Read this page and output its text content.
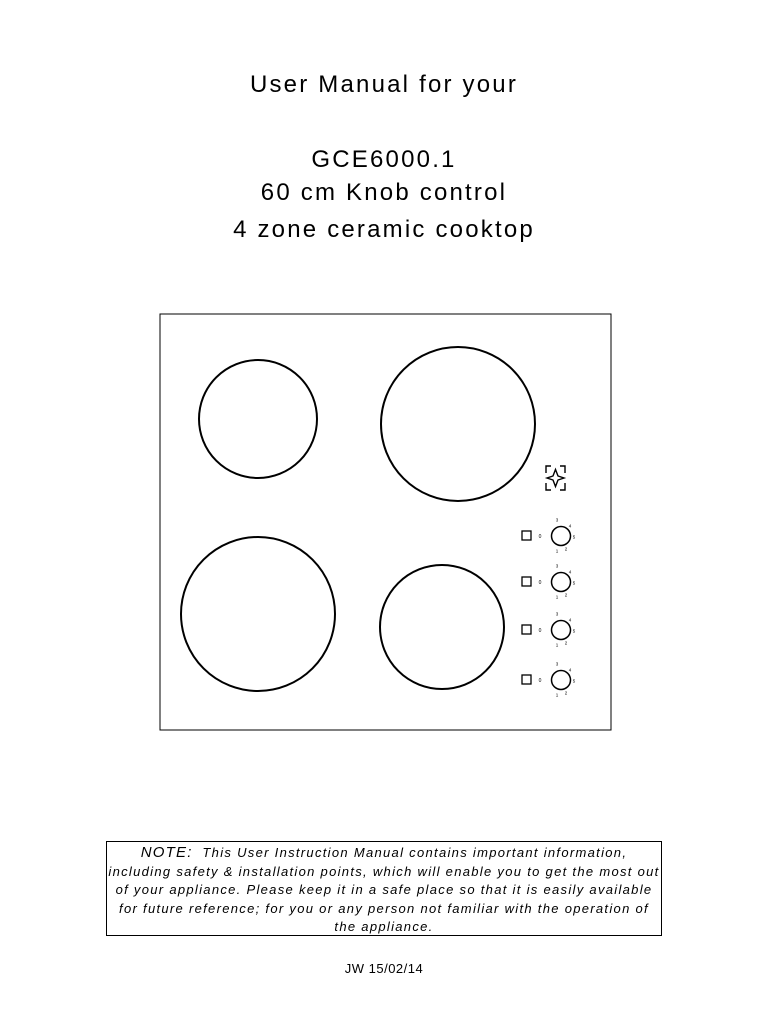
User Manual for your
GCE6000.1
60 cm Knob control
4 zone ceramic cooktop
0
3
4
5
2
1
0
3
4
5
2
1
0
3
4
5
2
1
0
3
4
5
2
1
NOTE: This User Instruction Manual contains important information, including safety & installation points, which will enable you to get the most out of your appliance. Please keep it in a safe place so that it is easily available for future reference; for you or any person not familiar with the operation of the appliance.
JW 15/02/14
